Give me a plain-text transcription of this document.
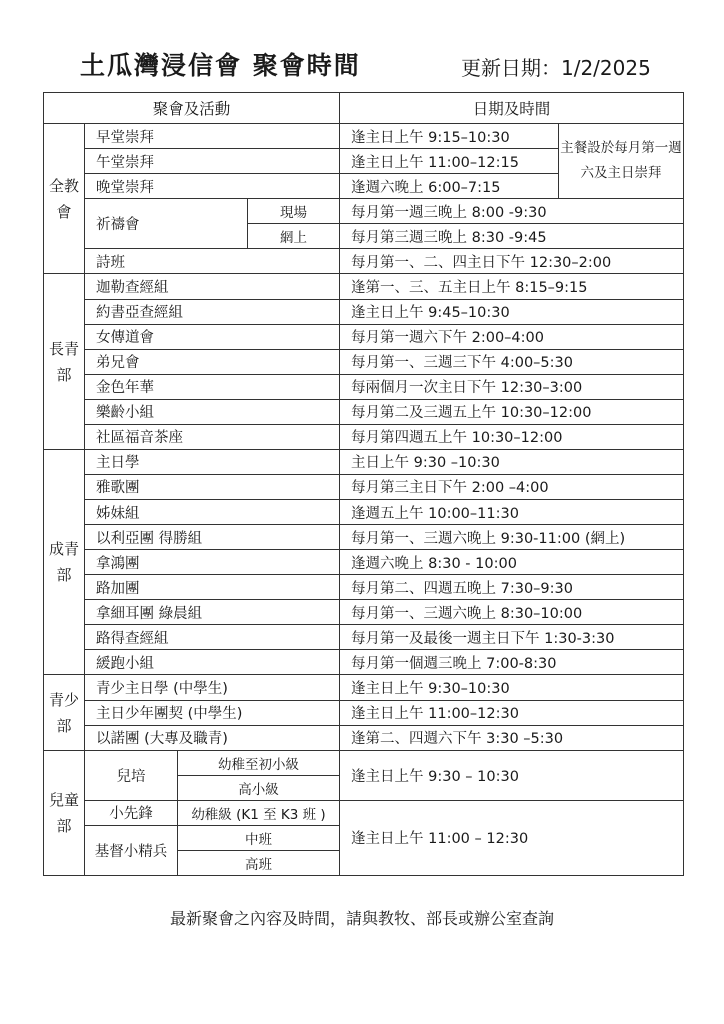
土瓜灣浸信會 聚會時間	更新日期：1/2/2025
聚會及活動				日期及時間	
全教會	早堂崇拜			逢主日上午 9:15–10:30	主餐設於每月第一週六及主日崇拜
	午堂崇拜			逢主日上午 11:00–12:15	
	晚堂崇拜			逢週六晚上 6:00–7:15	
	祈禱會		現場	每月第一週三晚上 8:00 -9:30	
			網上	每月第三週三晚上 8:30 -9:45	
	詩班			每月第一、二、四主日下午 12:30–2:00	
長青部	迦勒查經組			逢第一、三、五主日上午 8:15–9:15	
	約書亞查經組			逢主日上午 9:45–10:30	
	女傳道會			每月第一週六下午 2:00–4:00	
	弟兄會			每月第一、三週三下午 4:00–5:30	
	金色年華			每兩個月一次主日下午 12:30–3:00	
	樂齡小組			每月第二及三週五上午 10:30–12:00	
	社區福音茶座			每月第四週五上午 10:30–12:00	
成青部	主日學			主日上午 9:30 –10:30	
	雅歌團			每月第三主日下午 2:00 –4:00	
	姊妹組			逢週五上午 10:00–11:30	
	以利亞團 得勝組			每月第一、三週六晚上 9:30-11:00 (網上)	
	拿鴻團			逢週六晚上 8:30 - 10:00	
	路加團			每月第二、四週五晚上 7:30–9:30	
	拿細耳團 綠晨組			每月第一、三週六晚上 8:30–10:00	
	路得查經組			每月第一及最後一週主日下午 1:30-3:30	
	緩跑小組			每月第一個週三晚上 7:00-8:30	
青少部	青少主日學 (中學生)			逢主日上午 9:30–10:30	
	主日少年團契 (中學生)			逢主日上午 11:00–12:30	
	以諾團 (大專及職青)			逢第二、四週六下午 3:30 –5:30	
兒童部	兒培	幼稚至初小級		逢主日上午 9:30 – 10:30	
		高小級			
	小先鋒	幼稚級 (K1 至 K3 班 )		逢主日上午 11:00 – 12:30	
	基督小精兵	中班			
		高班			
最新聚會之內容及時間，請與教牧、部長或辦公室查詢
